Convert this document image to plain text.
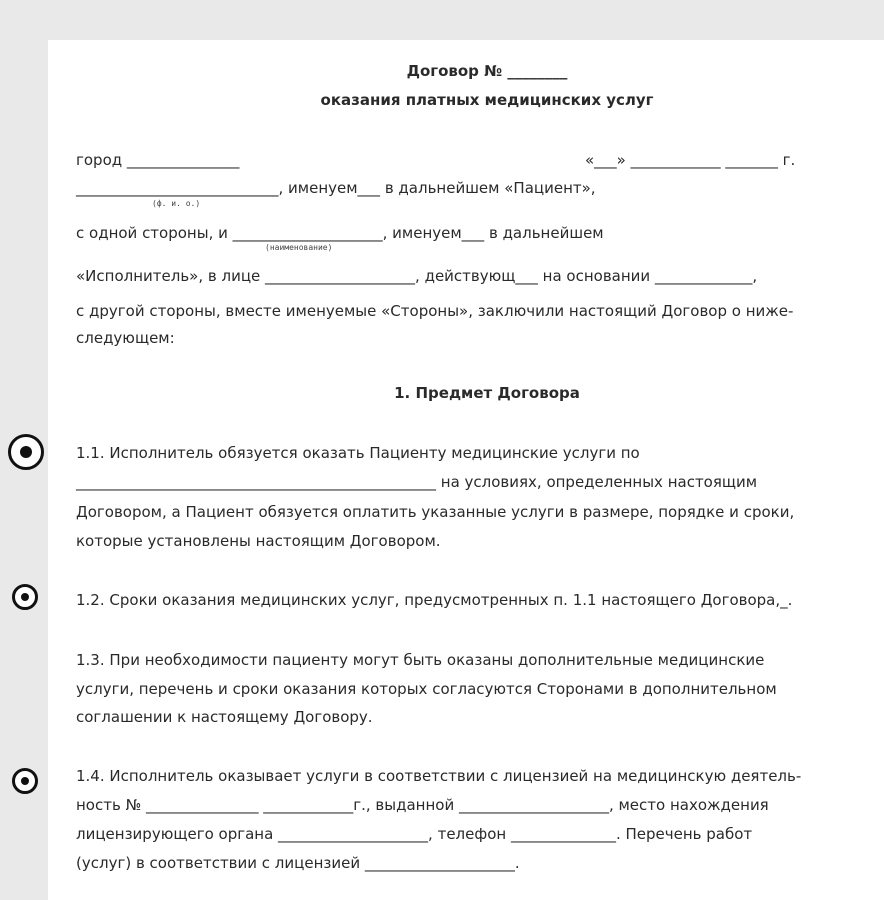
Договор № ________
оказания платных медицинских услуг
город _______________	«___» ____________ _______ г.
___________________________, именуем___ в дальнейшем «Пациент»,
(ф. и. о.)
с одной стороны, и ____________________, именуем___ в дальнейшем
(наименование)
«Исполнитель», в лице ____________________, действующ___ на основании _____________,
с другой стороны, вместе именуемые «Стороны», заключили настоящий Договор о ниже-
следующем:
1. Предмет Договора
1.1. Исполнитель обязуется оказать Пациенту медицинские услуги по
________________________________________________ на условиях, определенных настоящим
Договором, а Пациент обязуется оплатить указанные услуги в размере, порядке и сроки,
которые установлены настоящим Договором.
1.2. Сроки оказания медицинских услуг, предусмотренных п. 1.1 настоящего Договора,_.
1.3. При необходимости пациенту могут быть оказаны дополнительные медицинские
услуги, перечень и сроки оказания которых согласуются Сторонами в дополнительном
соглашении к настоящему Договору.
1.4. Исполнитель оказывает услуги в соответствии с лицензией на медицинскую деятель-
ность № _______________ ____________г., выданной ____________________, место нахождения
лицензирующего органа ____________________, телефон ______________. Перечень работ
(услуг) в соответствии с лицензией ____________________.
